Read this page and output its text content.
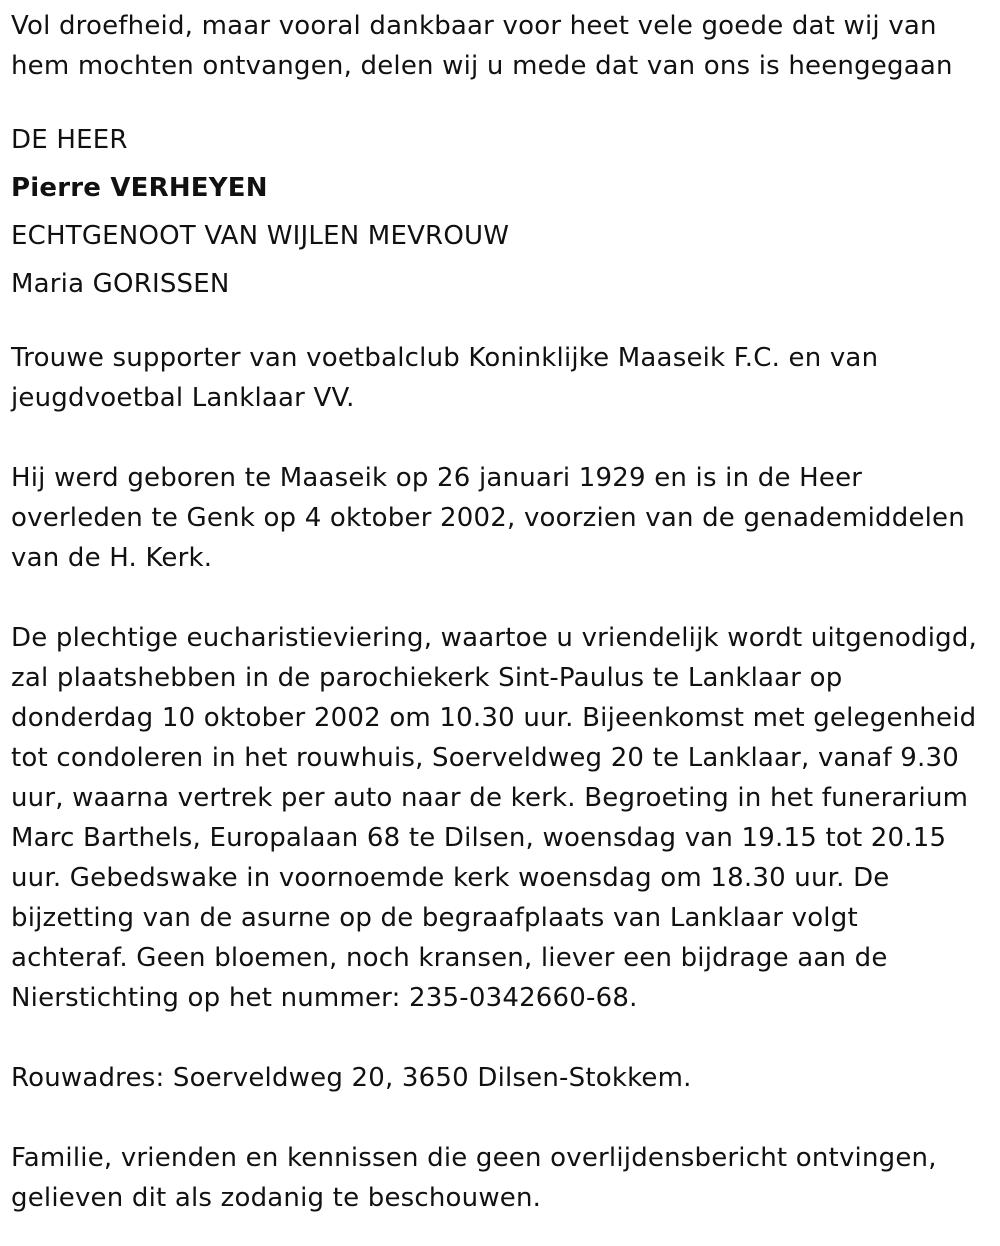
Vol droefheid, maar vooral dankbaar voor heet vele goede dat wij van
hem mochten ontvangen, delen wij u mede dat van ons is heengegaan
DE HEER
Pierre VERHEYEN
ECHTGENOOT VAN WIJLEN MEVROUW
Maria GORISSEN
Trouwe supporter van voetbalclub Koninklijke Maaseik F.C. en van
jeugdvoetbal Lanklaar VV.
Hij werd geboren te Maaseik op 26 januari 1929 en is in de Heer
overleden te Genk op 4 oktober 2002, voorzien van de genademiddelen
van de H. Kerk.
De plechtige eucharistieviering, waartoe u vriendelijk wordt uitgenodigd,
zal plaatshebben in de parochiekerk Sint-Paulus te Lanklaar op
donderdag 10 oktober 2002 om 10.30 uur. Bijeenkomst met gelegenheid
tot condoleren in het rouwhuis, Soerveldweg 20 te Lanklaar, vanaf 9.30
uur, waarna vertrek per auto naar de kerk. Begroeting in het funerarium
Marc Barthels, Europalaan 68 te Dilsen, woensdag van 19.15 tot 20.15
uur. Gebedswake in voornoemde kerk woensdag om 18.30 uur. De
bijzetting van de asurne op de begraafplaats van Lanklaar volgt
achteraf. Geen bloemen, noch kransen, liever een bijdrage aan de
Nierstichting op het nummer: 235-0342660-68.
Rouwadres: Soerveldweg 20, 3650 Dilsen-Stokkem.
Familie, vrienden en kennissen die geen overlijdensbericht ontvingen,
gelieven dit als zodanig te beschouwen.
